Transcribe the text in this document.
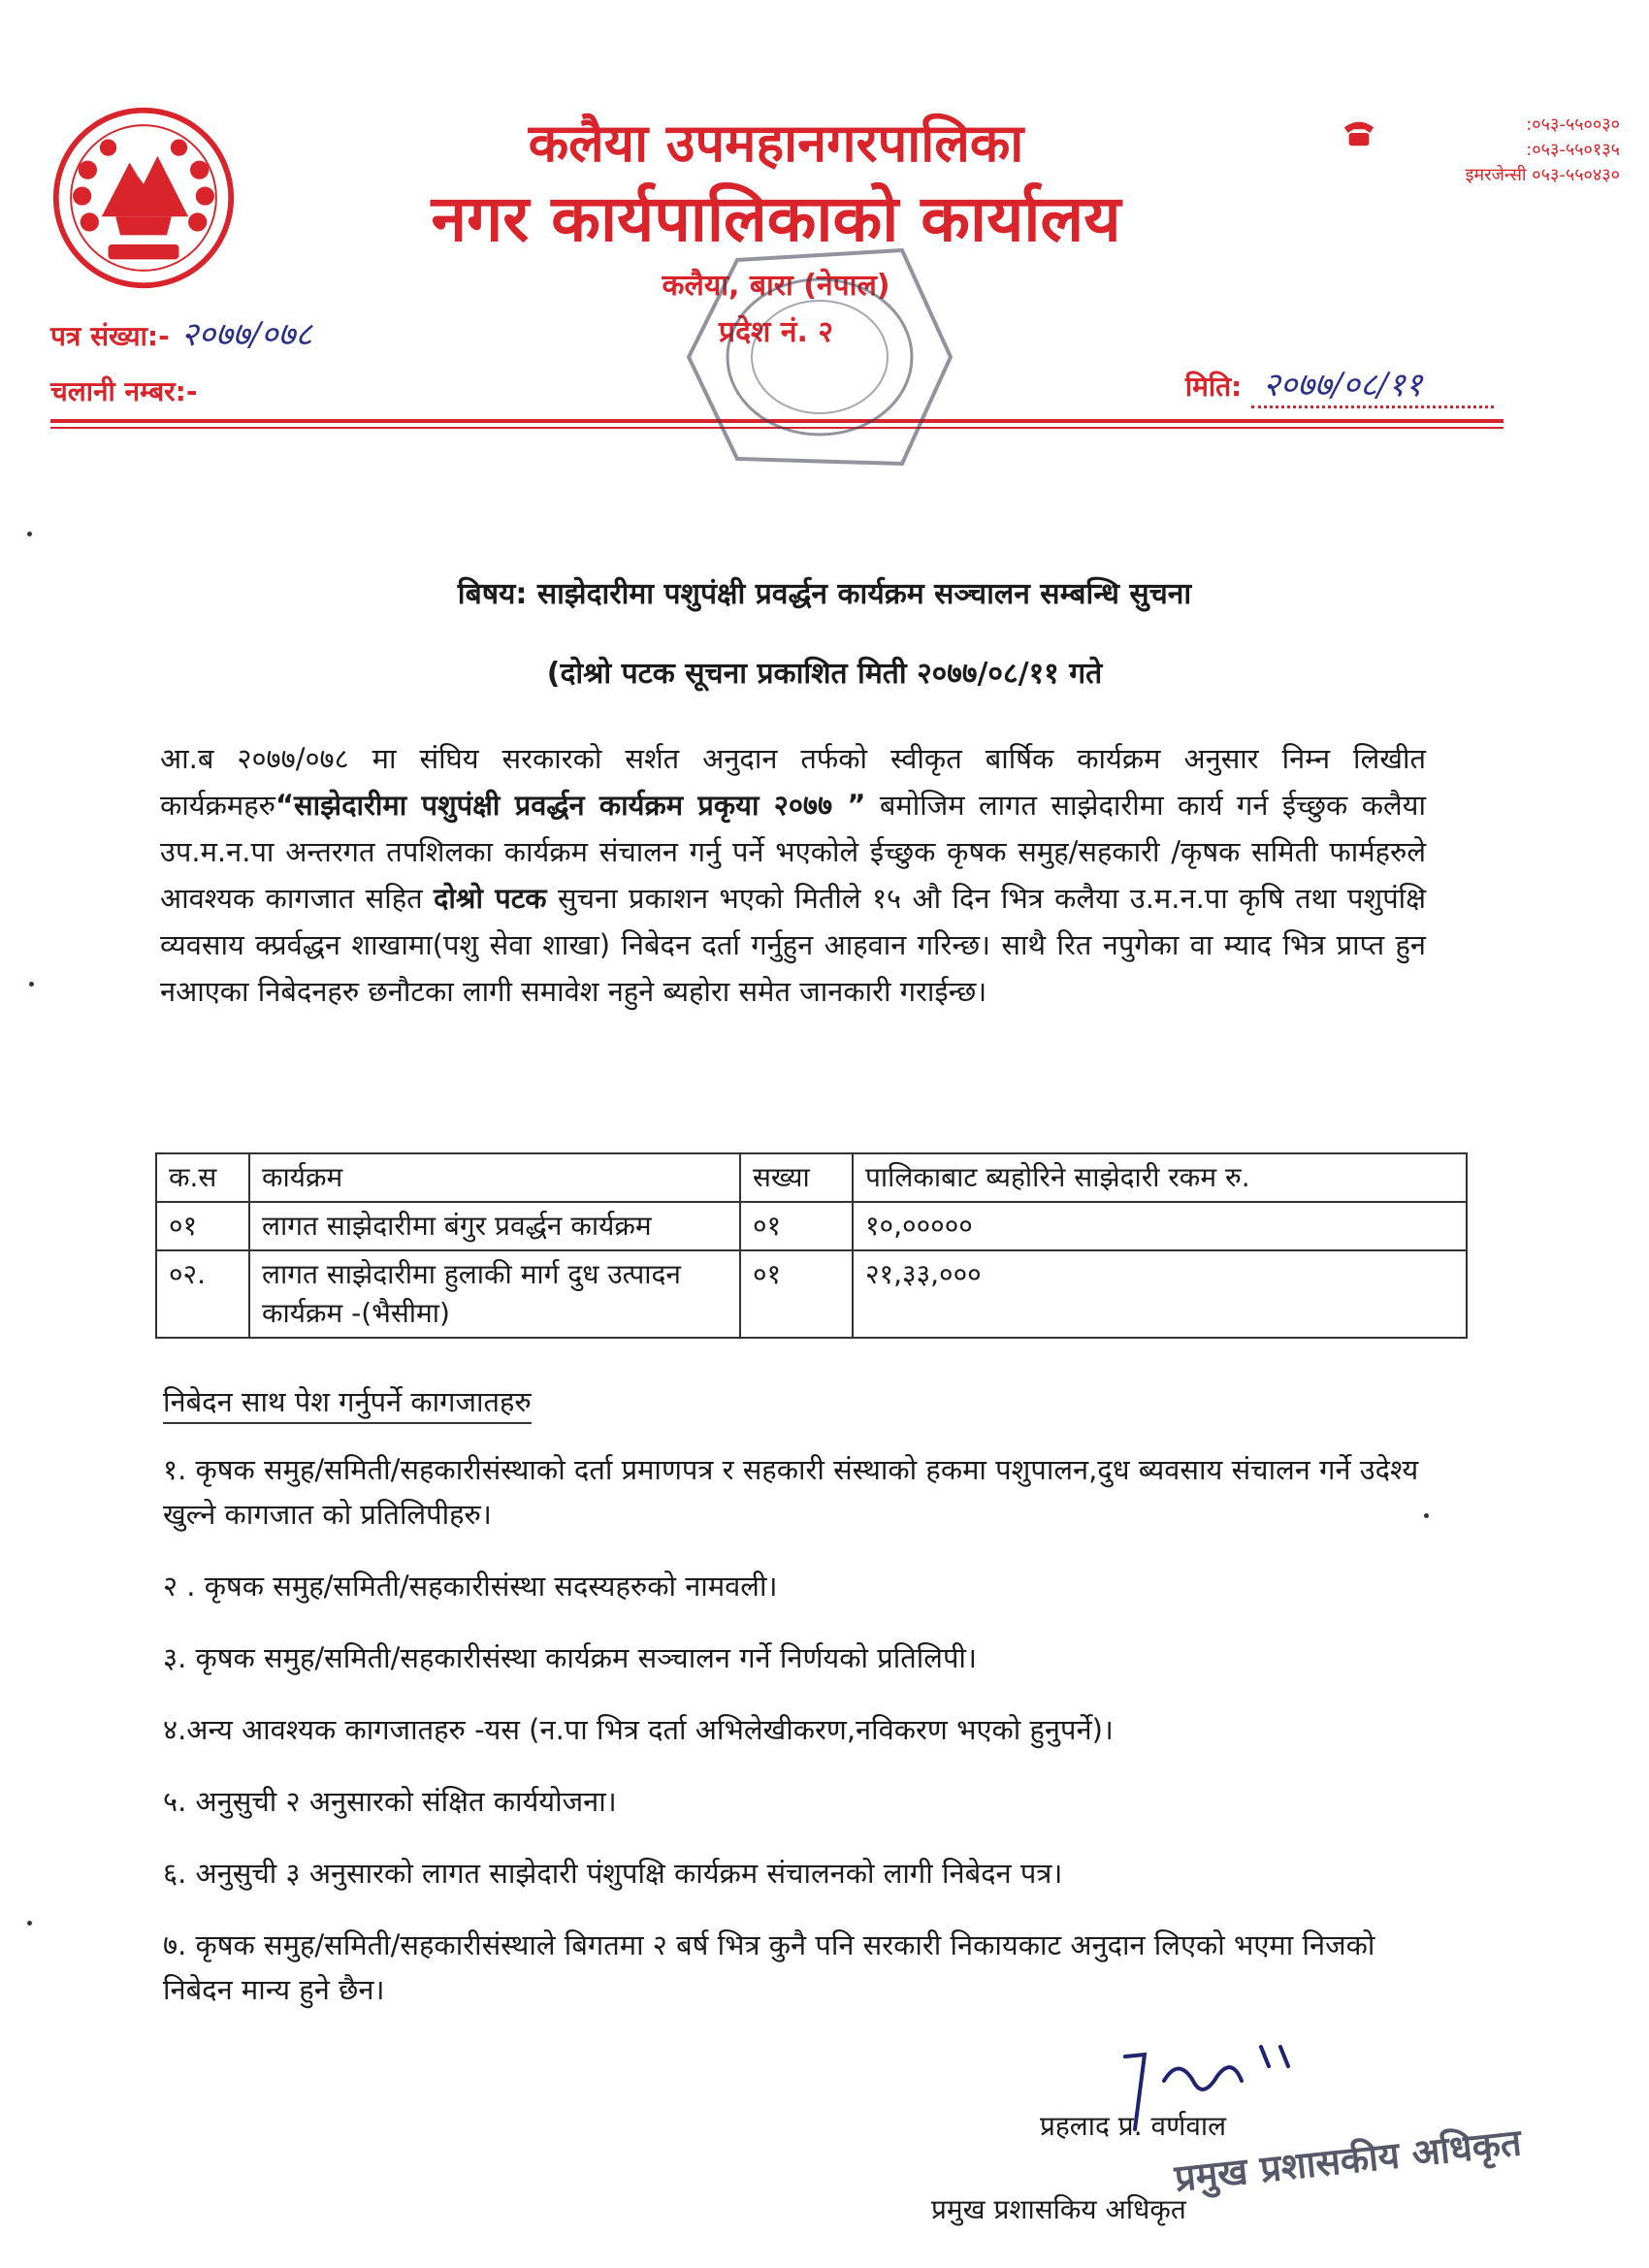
कलैया उपमहानगरपालिका
नगर कार्यपालिकाको कार्यालय
कलैया, बारा (नेपाल)
प्रदेश नं. २
:०५३-५५००३०
:०५३-५५०१३५
इमरजेन्सी ०५३-५५०४३०
पत्र संख्या:- २०७७/०७८
चलानी नम्बर:-	मिति: २०७७/०८/११
बिषय: साझेदारीमा पशुपंक्षी प्रवर्द्धन कार्यक्रम सञ्चालन सम्बन्धि सुचना
(दोश्रो पटक सूचना प्रकाशित मिती २०७७/०८/११ गते

आ.ब २०७७/०७८ मा संघिय सरकारको सर्शत अनुदान तर्फको स्वीकृत बार्षिक कार्यक्रम अनुसार निम्न लिखीत कार्यक्रमहरु“साझेदारीमा पशुपंक्षी प्रवर्द्धन कार्यक्रम प्रकृया २०७७ ” बमोजिम लागत साझेदारीमा कार्य गर्न ईच्छुक कलैया उप.म.न.पा अन्तरगत तपशिलका कार्यक्रम संचालन गर्नु पर्ने भएकोले ईच्छुक कृषक समुह/सहकारी /कृषक समिती फार्महरुले आवश्यक कागजात सहित दोश्रो पटक सुचना प्रकाशन भएको मितीले १५ औ दिन भित्र कलैया उ.म.न.पा कृषि तथा पशुपंक्षि व्यवसाय क्प्रर्वद्धन शाखामा(पशु सेवा शाखा) निबेदन दर्ता गर्नुहुन आहवान गरिन्छ। साथै रित नपुगेका वा म्याद भित्र प्राप्त हुन नआएका निबेदनहरु छनौटका लागी समावेश नहुने ब्यहोरा समेत जानकारी गराईन्छ।

क.स	कार्यक्रम	सख्या	पालिकाबाट ब्यहोरिने साझेदारी रकम रु.
०१	लागत साझेदारीमा बंगुर प्रवर्द्धन कार्यक्रम	०१	१०,०००००
०२.	लागत साझेदारीमा हुलाकी मार्ग दुध उत्पादन कार्यक्रम -(भैसीमा)	०१	२१,३३,०००
निबेदन साथ पेश गर्नुपर्ने कागजातहरु
१. कृषक समुह/समिती/सहकारीसंस्थाको दर्ता प्रमाणपत्र र सहकारी संस्थाको हकमा पशुपालन,दुध ब्यवसाय संचालन गर्ने उदेश्य खुल्ने कागजात को प्रतिलिपीहरु।
२ . कृषक समुह/समिती/सहकारीसंस्था सदस्यहरुको नामवली।
३. कृषक समुह/समिती/सहकारीसंस्था कार्यक्रम सञ्चालन गर्ने निर्णयको प्रतिलिपी।
४.अन्य आवश्यक कागजातहरु -यस (न.पा भित्र दर्ता अभिलेखीकरण,नविकरण भएको हुनुपर्ने)।
५. अनुसुची २ अनुसारको संक्षित कार्ययोजना।
६. अनुसुची ३ अनुसारको लागत साझेदारी पंशुपक्षि कार्यक्रम संचालनको लागी निबेदन पत्र।
७. कृषक समुह/समिती/सहकारीसंस्थाले बिगतमा २ बर्ष भित्र कुनै पनि सरकारी निकायकाट अनुदान लिएको भएमा निजको निबेदन मान्य हुने छैन।
प्रहलाद प्र. वर्णवाल
प्रमुख प्रशासकीय अधिकृत
प्रमुख प्रशासकिय अधिकृत
